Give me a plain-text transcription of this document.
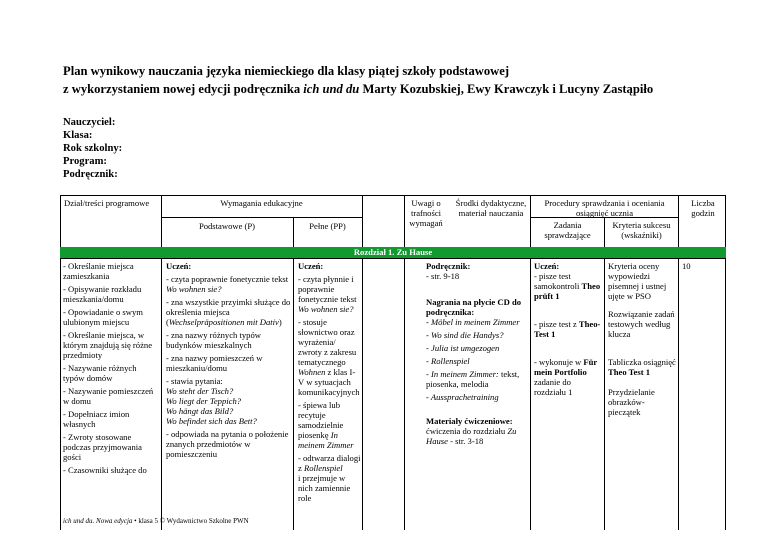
Plan wynikowy nauczania języka niemieckiego dla klasy piątej szkoły podstawowej
z wykorzystaniem nowej edycji podręcznika ich und du Marty Kozubskiej, Ewy Krawczyk i Lucyny Zastąpiło
Nauczyciel:
Klasa:
Rok szkolny:
Program:
Podręcznik:
Dział/treści programowe	Wymagania edukacyjne
Podstawowe (P)	Pełne (PP)
Uwagi o trafności wymagań
Środki dydaktyczne, materiał nauczania
Procedury sprawdzania i oceniania osiągnięć ucznia
Zadania sprawdzające
Kryteria sukcesu (wskaźniki)
Liczba godzin
Rozdział 1. Zu Hause

- Określanie miejsca zamieszkania

- Opisywanie rozkładu mieszkania/domu

- Opowiadanie o swym ulubionym miejscu

- Określanie miejsca, w którym znajdują się różne przedmioty

- Nazywanie różnych typów domów

- Nazywanie pomieszczeń w domu

- Dopełniacz imion własnych

- Zwroty stosowane podczas przyjmowania gości

- Czasowniki służące do

Uczeń:

- czyta poprawnie fonetycznie tekst Wo wohnen sie?

- zna wszystkie przyimki służące do określenia miejsca (Wechselpräpositionen mit Dativ)

- zna nazwy różnych typów budynków mieszkalnych

- zna nazwy pomieszczeń w mieszkaniu/domu

- stawia pytania:

Wo steht der Tisch?

Wo liegt der Teppich?

Wo hängt das Bild?

Wo befindet sich das Bett?

- odpowiada na pytania o położenie znanych przedmiotów w pomieszczeniu

Uczeń:

- czyta płynnie i poprawnie fonetycznie tekst Wo wohnen sie?

- stosuje słownictwo oraz wyrażenia/ zwroty z zakresu tematycznego Wohnen z klas I-V w sytuacjach komunikacyjnych

- śpiewa lub recytuje samodzielnie piosenkę In meinem Zimmer

- odtwarza dialogi z Rollenspiel

i przejmuje w nich zamiennie role

Podręcznik:

- str. 9-18

Nagrania na płycie CD do podręcznika:

- Möbel in meinem Zimmer

- Wo sind die Handys?

- Julia ist umgezogen

- Rollenspiel

- In meinem Zimmer: tekst, piosenka, melodia

- Aussprachetraining

Materiały ćwiczeniowe:

ćwiczenia do rozdziału Zu Hause - str. 3-18

Uczeń:

- pisze test samokontroli Theo prüft 1

- pisze test z Theo-Test 1

- wykonuje w Für mein Portfolio zadanie do rozdziału 1

Kryteria oceny wypowiedzi pisemnej i ustnej ujęte w PSO

Rozwiązanie zadań testowych według klucza

Tabliczka osiągnięć Theo Test 1

Przydzielanie obrazków-pieczątek

10
ich und du. Nowa edycja • klasa 5 © Wydawnictwo Szkolne PWN
